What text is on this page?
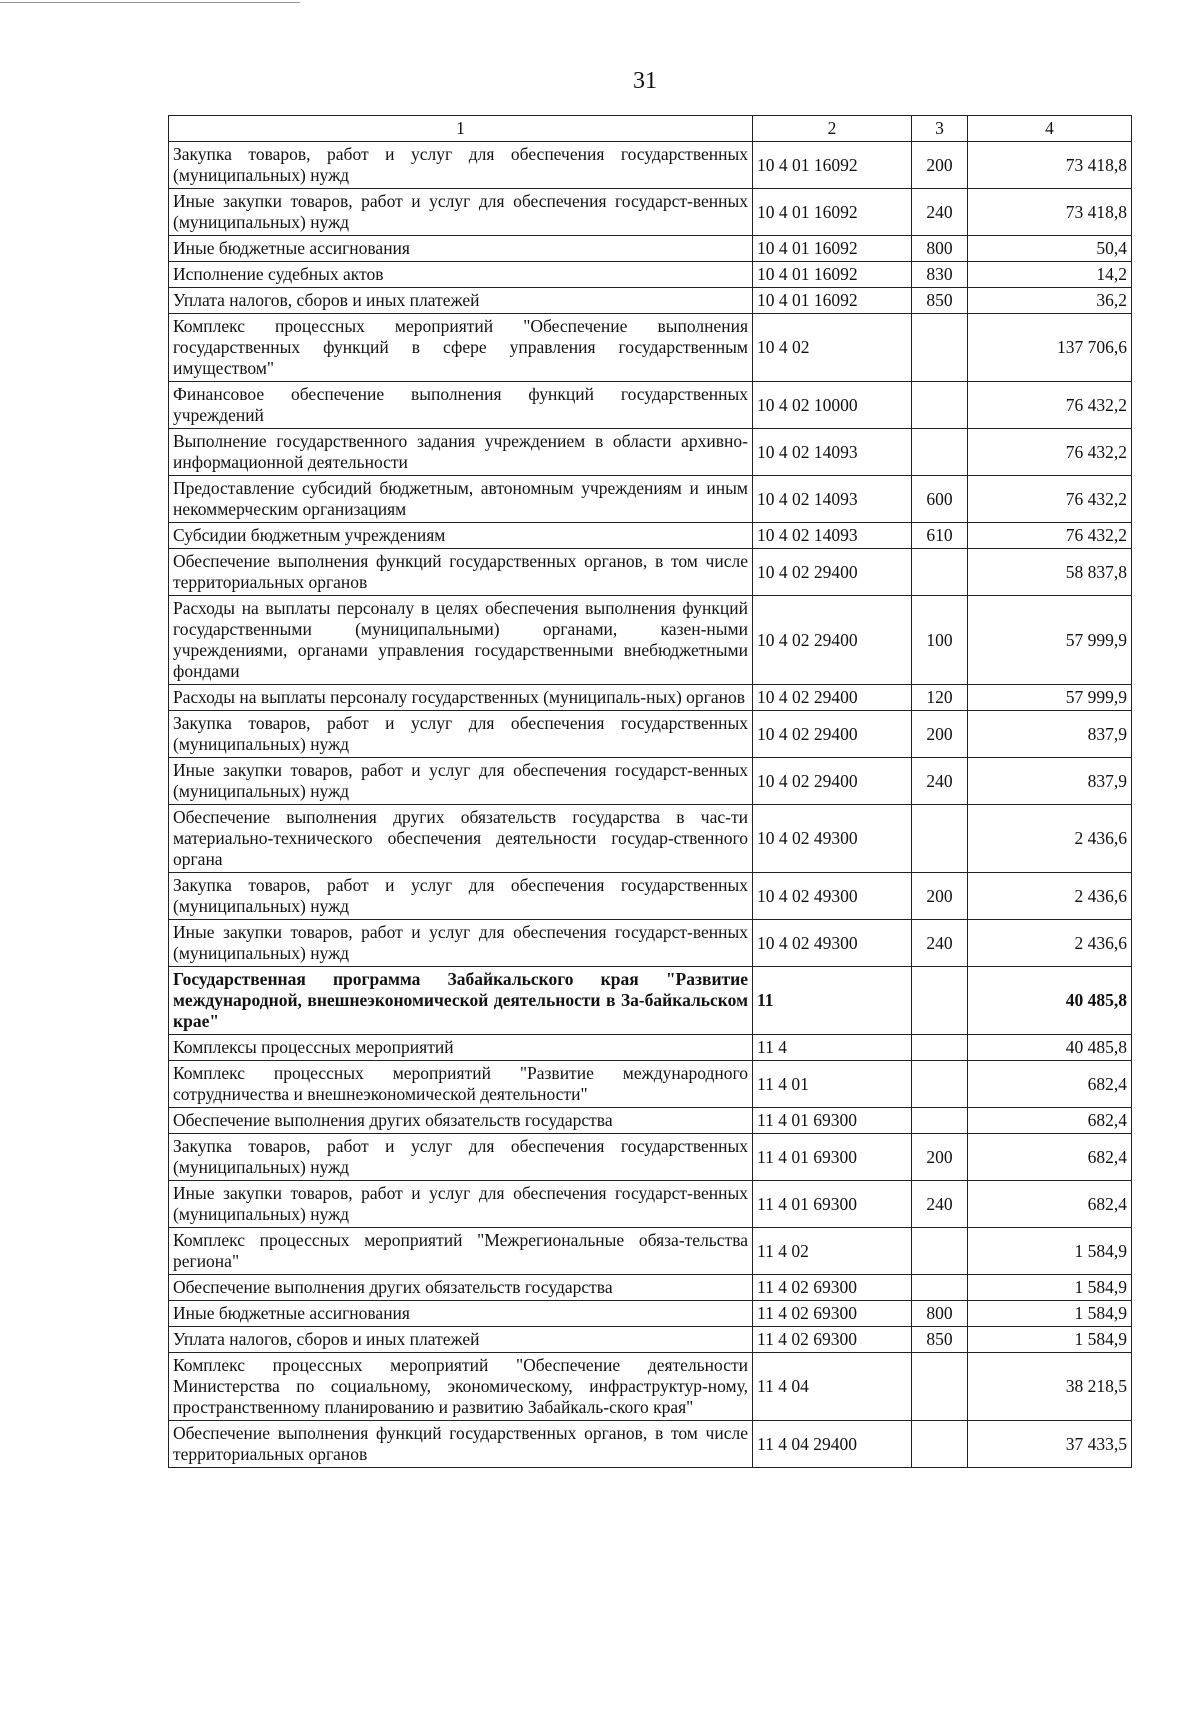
31
1	2	3	4
Закупка товаров, работ и услуг для обеспечения государственных (муниципальных) нужд	10 4 01 16092	200	73 418,8
Иные закупки товаров, работ и услуг для обеспечения государст-венных (муниципальных) нужд	10 4 01 16092	240	73 418,8
Иные бюджетные ассигнования	10 4 01 16092	800	50,4
Исполнение судебных актов	10 4 01 16092	830	14,2
Уплата налогов, сборов и иных платежей	10 4 01 16092	850	36,2
Комплекс процессных мероприятий "Обеспечение выполнения государственных функций в сфере управления государственным имуществом"	10 4 02		137 706,6
Финансовое обеспечение выполнения функций государственных учреждений	10 4 02 10000		76 432,2
Выполнение государственного задания учреждением в области архивно-информационной деятельности	10 4 02 14093		76 432,2
Предоставление субсидий бюджетным, автономным учреждениям и иным некоммерческим организациям	10 4 02 14093	600	76 432,2
Субсидии бюджетным учреждениям	10 4 02 14093	610	76 432,2
Обеспечение выполнения функций государственных органов, в том числе территориальных органов	10 4 02 29400		58 837,8
Расходы на выплаты персоналу в целях обеспечения выполнения функций государственными (муниципальными) органами, казен-ными учреждениями, органами управления государственными внебюджетными фондами	10 4 02 29400	100	57 999,9
Расходы на выплаты персоналу государственных (муниципаль-ных) органов	10 4 02 29400	120	57 999,9
Закупка товаров, работ и услуг для обеспечения государственных (муниципальных) нужд	10 4 02 29400	200	837,9
Иные закупки товаров, работ и услуг для обеспечения государст-венных (муниципальных) нужд	10 4 02 29400	240	837,9
Обеспечение выполнения других обязательств государства в час-ти материально-технического обеспечения деятельности государ-ственного органа	10 4 02 49300		2 436,6
Закупка товаров, работ и услуг для обеспечения государственных (муниципальных) нужд	10 4 02 49300	200	2 436,6
Иные закупки товаров, работ и услуг для обеспечения государст-венных (муниципальных) нужд	10 4 02 49300	240	2 436,6
Государственная программа Забайкальского края "Развитие международной, внешнеэкономической деятельности в За-байкальском крае"	11		40 485,8
Комплексы процессных мероприятий	11 4		40 485,8
Комплекс процессных мероприятий "Развитие международного сотрудничества и внешнеэкономической деятельности"	11 4 01		682,4
Обеспечение выполнения других обязательств государства	11 4 01 69300		682,4
Закупка товаров, работ и услуг для обеспечения государственных (муниципальных) нужд	11 4 01 69300	200	682,4
Иные закупки товаров, работ и услуг для обеспечения государст-венных (муниципальных) нужд	11 4 01 69300	240	682,4
Комплекс процессных мероприятий "Межрегиональные обяза-тельства региона"	11 4 02		1 584,9
Обеспечение выполнения других обязательств государства	11 4 02 69300		1 584,9
Иные бюджетные ассигнования	11 4 02 69300	800	1 584,9
Уплата налогов, сборов и иных платежей	11 4 02 69300	850	1 584,9
Комплекс процессных мероприятий "Обеспечение деятельности Министерства по социальному, экономическому, инфраструктур-ному, пространственному планированию и развитию Забайкаль-ского края"	11 4 04		38 218,5
Обеспечение выполнения функций государственных органов, в том числе территориальных органов	11 4 04 29400		37 433,5
